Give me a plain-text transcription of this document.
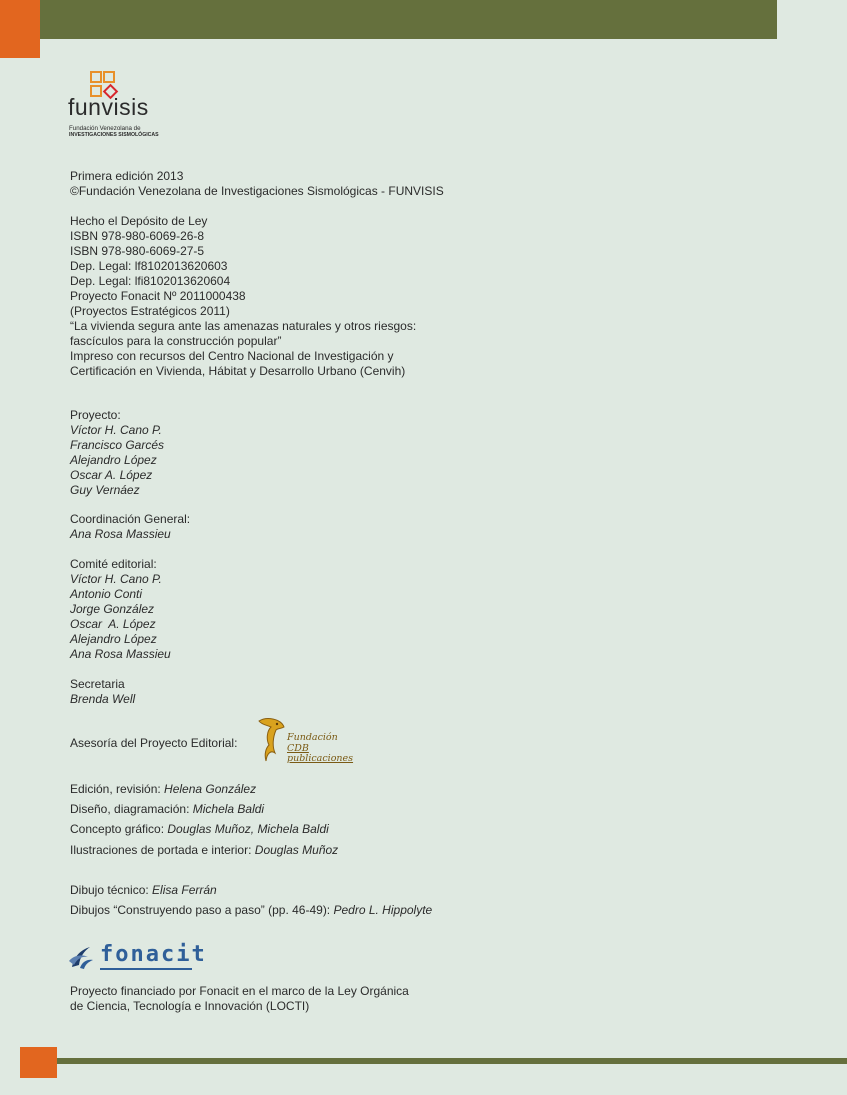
funvisis
Fundación Venezolana de
INVESTIGACIONES SISMOLÓGICAS

Primera edición 2013

©Fundación Venezolana de Investigaciones Sismológicas - FUNVISIS

Hecho el Depósito de Ley

ISBN 978-980-6069-26-8

ISBN 978-980-6069-27-5

Dep. Legal: lf8102013620603

Dep. Legal: lfi8102013620604

Proyecto Fonacit Nº 2011000438

(Proyectos Estratégicos 2011)

“La vivienda segura ante las amenazas naturales y otros riesgos:

fascículos para la construcción popular”

Impreso con recursos del Centro Nacional de Investigación y

Certificación en Vivienda, Hábitat y Desarrollo Urbano (Cenvih)

Proyecto:

Víctor H. Cano P.

Francisco Garcés

Alejandro López

Oscar A. López

Guy Vernáez

Coordinación General:

Ana Rosa Massieu

Comité editorial:

Víctor H. Cano P.

Antonio Conti

Jorge González

Oscar  A. López

Alejandro López

Ana Rosa Massieu

Secretaria

Brenda Well

Asesoría del Proyecto Editorial:	Fundación
CDB publicaciones

Edición, revisión: Helena González

Diseño, diagramación: Michela Baldi

Concepto gráfico: Douglas Muñoz, Michela Baldi

Ilustraciones de portada e interior: Douglas Muñoz

Dibujo técnico: Elisa Ferrán

Dibujos “Construyendo paso a paso” (pp. 46-49): Pedro L. Hippolyte

fonacit

Proyecto financiado por Fonacit en el marco de la Ley Orgánica

de Ciencia, Tecnología e Innovación (LOCTI)
